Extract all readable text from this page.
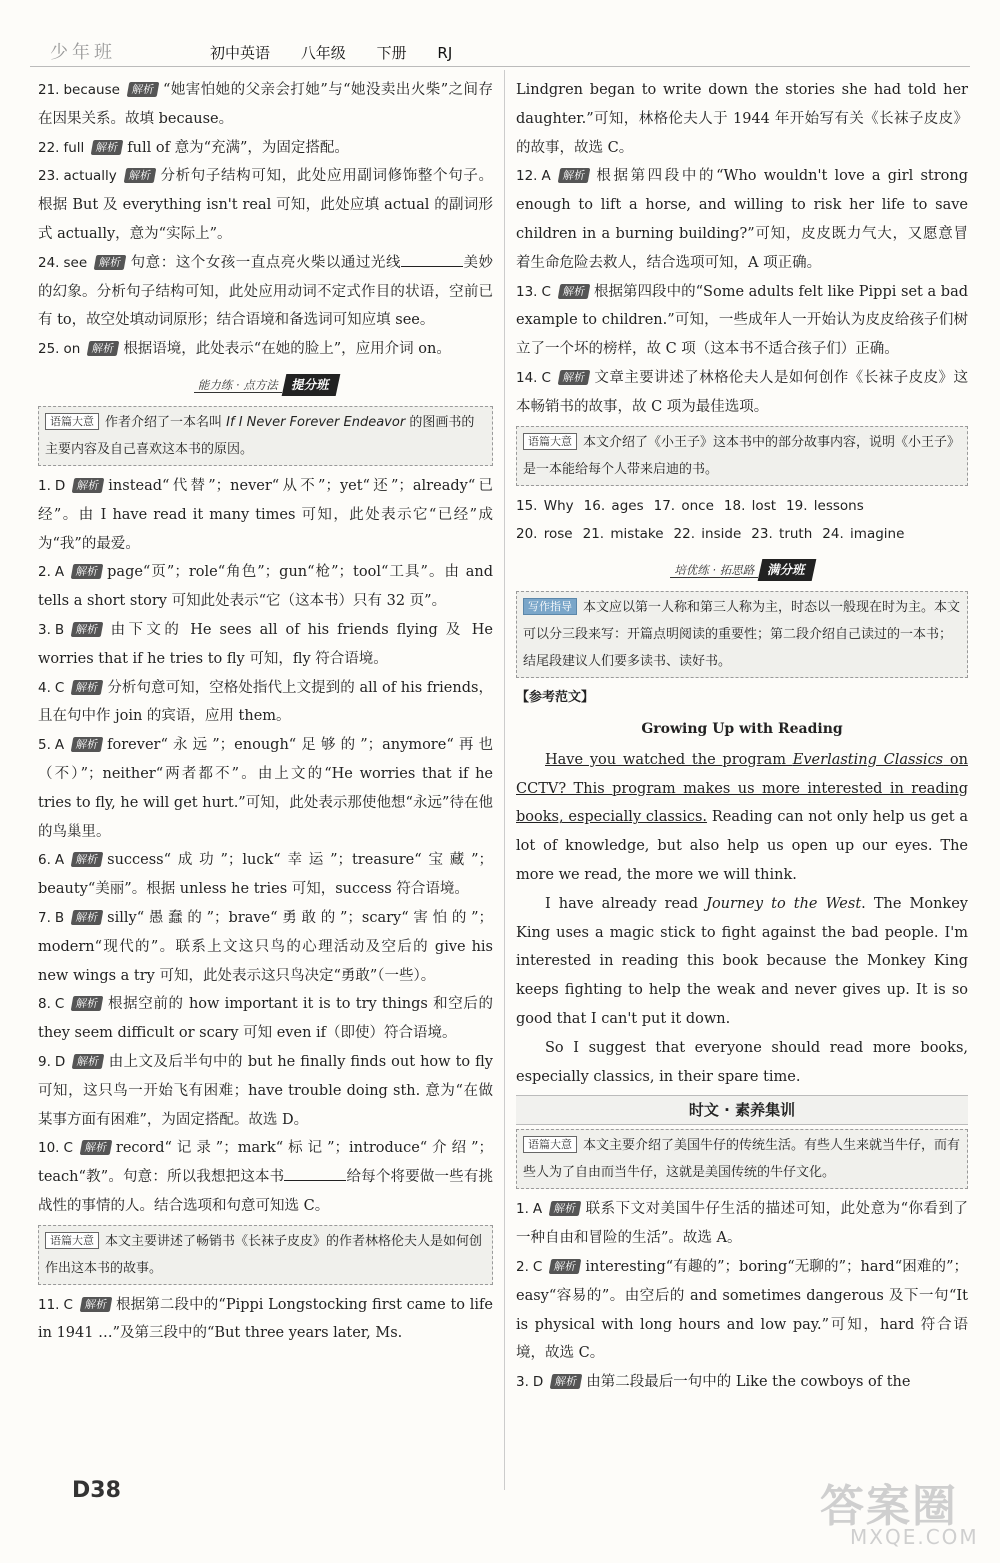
少年班	初中英语 八年级 下册 RJ
21. because 解析 “她害怕她的父亲会打她”与“她没卖出火柴”之间存在因果关系。故填 because。
22. full 解析 full of 意为“充满”，为固定搭配。
23. actually 解析 分析句子结构可知，此处应用副词修饰整个句子。根据 But 及 everything isn't real 可知，此处应填 actual 的副词形式 actually，意为“实际上”。
24. see 解析 句意：这个女孩一直点亮火柴以通过光线	美妙的幻象。分析句子结构可知，此处应用动词不定式作目的状语，空前已有 to，故空处填动词原形；结合语境和备选词可知应填 see。
25. on 解析 根据语境，此处表示“在她的脸上”，应用介词 on。
能力练 · 点方法 提分班
语篇大意 作者介绍了一本名叫 If I Never Forever Endeavor 的图画书的主要内容及自己喜欢这本书的原因。
1. D 解析 instead“代替”；never“从不”；yet“还”；already“已经”。由 I have read it many times 可知，此处表示它“已经”成为“我”的最爱。
2. A 解析 page“页”；role“角色”；gun“枪”；tool“工具”。由 and tells a short story 可知此处表示“它（这本书）只有 32 页”。
3. B 解析 由下文的 He sees all of his friends flying 及 He worries that if he tries to fly 可知，fly 符合语境。
4. C 解析 分析句意可知，空格处指代上文提到的 all of his friends，且在句中作 join 的宾语，应用 them。
5. A 解析 forever“永远”；enough“足够的”；anymore“再也（不）”；neither“两者都不”。由上文的“He worries that if he tries to fly, he will get hurt.”可知，此处表示那使他想“永远”待在他的鸟巢里。
6. A 解析 success“成功”；luck“幸运”；treasure“宝藏”；beauty“美丽”。根据 unless he tries 可知，success 符合语境。
7. B 解析 silly“愚蠢的”；brave“勇敢的”；scary“害怕的”；modern“现代的”。联系上文这只鸟的心理活动及空后的 give his new wings a try 可知，此处表示这只鸟决定“勇敢”（一些）。
8. C 解析 根据空前的 how important it is to try things 和空后的 they seem difficult or scary 可知 even if（即使）符合语境。
9. D 解析 由上文及后半句中的 but he finally finds out how to fly 可知，这只鸟一开始飞有困难；have trouble doing sth. 意为“在做某事方面有困难”，为固定搭配。故选 D。
10. C 解析 record“记录”；mark“标记”；introduce“介绍”；teach“教”。句意：所以我想把这本书	给每个将要做一些有挑战性的事情的人。结合选项和句意可知选 C。
语篇大意 本文主要讲述了畅销书《长袜子皮皮》的作者林格伦夫人是如何创作出这本书的故事。
11. C 解析 根据第二段中的“Pippi Longstocking first came to life in 1941 …”及第三段中的“But three years later, Ms.
Lindgren began to write down the stories she had told her daughter.”可知，林格伦夫人于 1944 年开始写有关《长袜子皮皮》的故事，故选 C。
12. A 解析 根据第四段中的“Who wouldn't love a girl strong enough to lift a horse, and willing to risk her life to save children in a burning building?”可知，皮皮既力气大，又愿意冒着生命危险去救人，结合选项可知，A 项正确。
13. C 解析 根据第四段中的“Some adults felt like Pippi set a bad example to children.”可知，一些成年人一开始认为皮皮给孩子们树立了一个坏的榜样，故 C 项（这本书不适合孩子们）正确。
14. C 解析 文章主要讲述了林格伦夫人是如何创作《长袜子皮皮》这本畅销书的故事，故 C 项为最佳选项。
语篇大意 本文介绍了《小王子》这本书中的部分故事内容，说明《小王子》是一本能给每个人带来启迪的书。
15. Why 16. ages 17. once 18. lost 19. lessons
20. rose 21. mistake 22. inside 23. truth 24. imagine
培优练 · 拓思路 满分班
写作指导 本文应以第一人称和第三人称为主，时态以一般现在时为主。本文可以分三段来写：开篇点明阅读的重要性；第二段介绍自己读过的一本书；结尾段建议人们要多读书、读好书。
【参考范文】
Growing Up with Reading
Have you watched the program Everlasting Classics on CCTV? This program makes us more interested in reading books, especially classics. Reading can not only help us get a lot of knowledge, but also help us open up our eyes. The more we read, the more we will think.
I have already read Journey to the West. The Monkey King uses a magic stick to fight against the bad people. I'm interested in reading this book because the Monkey King keeps fighting to help the weak and never gives up. It is so good that I can't put it down.
So I suggest that everyone should read more books, especially classics, in their spare time.
时文 · 素养集训
语篇大意 本文主要介绍了美国牛仔的传统生活。有些人生来就当牛仔，而有些人为了自由而当牛仔，这就是美国传统的牛仔文化。
1. A 解析 联系下文对美国牛仔生活的描述可知，此处意为“你看到了一种自由和冒险的生活”。故选 A。
2. C 解析 interesting“有趣的”；boring“无聊的”；hard“困难的”；easy“容易的”。由空后的 and sometimes dangerous 及下一句“It is physical with long hours and low pay.”可知，hard 符合语境，故选 C。
3. D 解析 由第二段最后一句中的 Like the cowboys of the
D38	答案圈
MXQE.COM
